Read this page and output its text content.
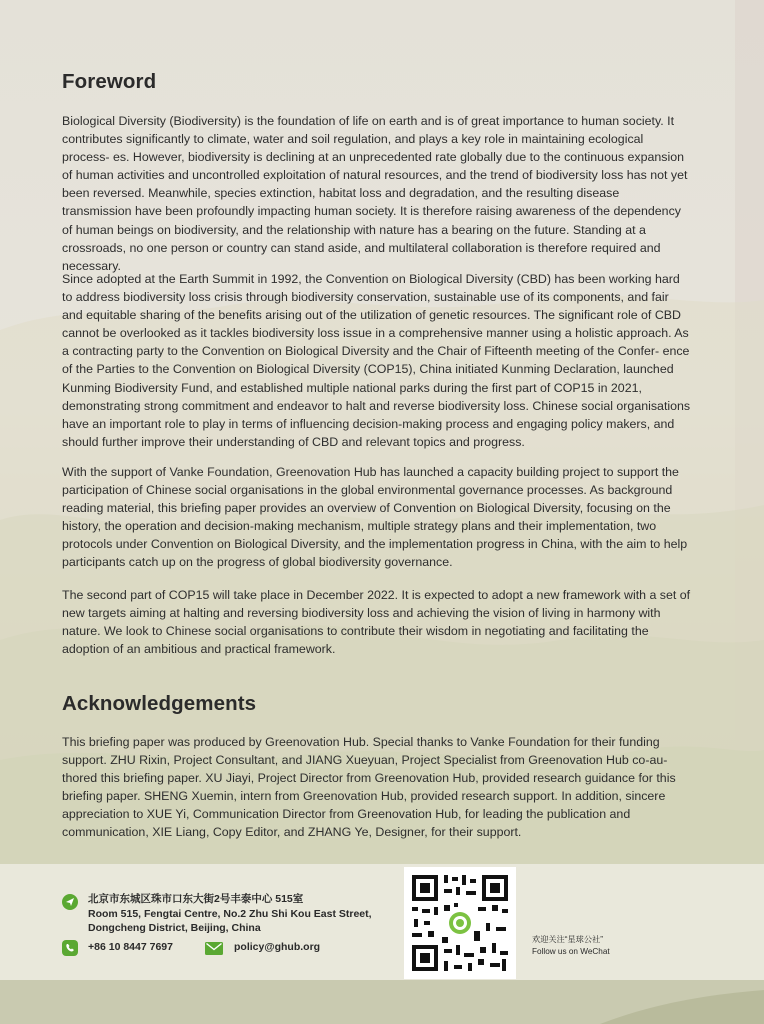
Foreword

Biological Diversity (Biodiversity) is the foundation of life on earth and is of great importance to human society. It contributes significantly to climate, water and soil regulation, and plays a key role in maintaining ecological process- es. However, biodiversity is declining at an unprecedented rate globally due to the continuous expansion of human activities and uncontrolled exploitation of natural resources, and the trend of biodiversity loss has not yet been reversed. Meanwhile, species extinction, habitat loss and degradation, and the resulting disease transmission have been profoundly impacting human society. It is therefore raising awareness of the dependency of human beings on biodiversity, and the relationship with nature has a bearing on the future. Standing at a crossroads, no one person or country can stand aside, and multilateral collaboration is therefore required and necessary.

Since adopted at the Earth Summit in 1992, the Convention on Biological Diversity (CBD) has been working hard to address biodiversity loss crisis through biodiversity conservation, sustainable use of its components, and fair and equitable sharing of the benefits arising out of the utilization of genetic resources. The significant role of CBD cannot be overlooked as it tackles biodiversity loss issue in a comprehensive manner using a holistic approach. As a contracting party to the Convention on Biological Diversity and the Chair of Fifteenth meeting of the Confer- ence of the Parties to the Convention on Biological Diversity (COP15), China initiated Kunming Declaration, launched Kunming Biodiversity Fund, and established multiple national parks during the first part of COP15 in 2021, demonstrating strong commitment and endeavor to halt and reverse biodiversity loss. Chinese social organisations have an important role to play in terms of influencing decision-making process and engaging policy makers, and should further improve their understanding of CBD and relevant topics and progress.

With the support of Vanke Foundation, Greenovation Hub has launched a capacity building project to support the participation of Chinese social organisations in the global environmental governance processes. As background reading material, this briefing paper provides an overview of Convention on Biological Diversity, focusing on the history, the operation and decision-making mechanism, multiple strategy plans and their implementation, two protocols under Convention on Biological Diversity, and the implementation progress in China, with the aim to help participants catch up on the progress of global biodiversity governance.

The second part of COP15 will take place in December 2022. It is expected to adopt a new framework with a set of new targets aiming at halting and reversing biodiversity loss and achieving the vision of living in harmony with nature. We look to Chinese social organisations to contribute their wisdom in negotiating and facilitating the adoption of an ambitious and practical framework.

Acknowledgements

This briefing paper was produced by Greenovation Hub. Special thanks to Vanke Foundation for their funding support. ZHU Rixin, Project Consultant, and JIANG Xueyuan, Project Specialist from Greenovation Hub co-au- thored this briefing paper. XU Jiayi, Project Director from Greenovation Hub, provided research guidance for this briefing paper. SHENG Xuemin, intern from Greenovation Hub, provided research support. In addition, sincere appreciation to XUE Yi, Communication Director from Greenovation Hub, for leading the publication and communication, XIE Liang, Copy Editor, and ZHANG Ye, Designer, for their support.

北京市东城区珠市口东大街2号丰泰中心 515室
Room 515, Fengtai Centre, No.2 Zhu Shi Kou East Street,
Dongcheng District, Beijing, China
+86 10 8447 7697	policy@ghub.org
欢迎关注“星球公社”
Follow us on WeChat
